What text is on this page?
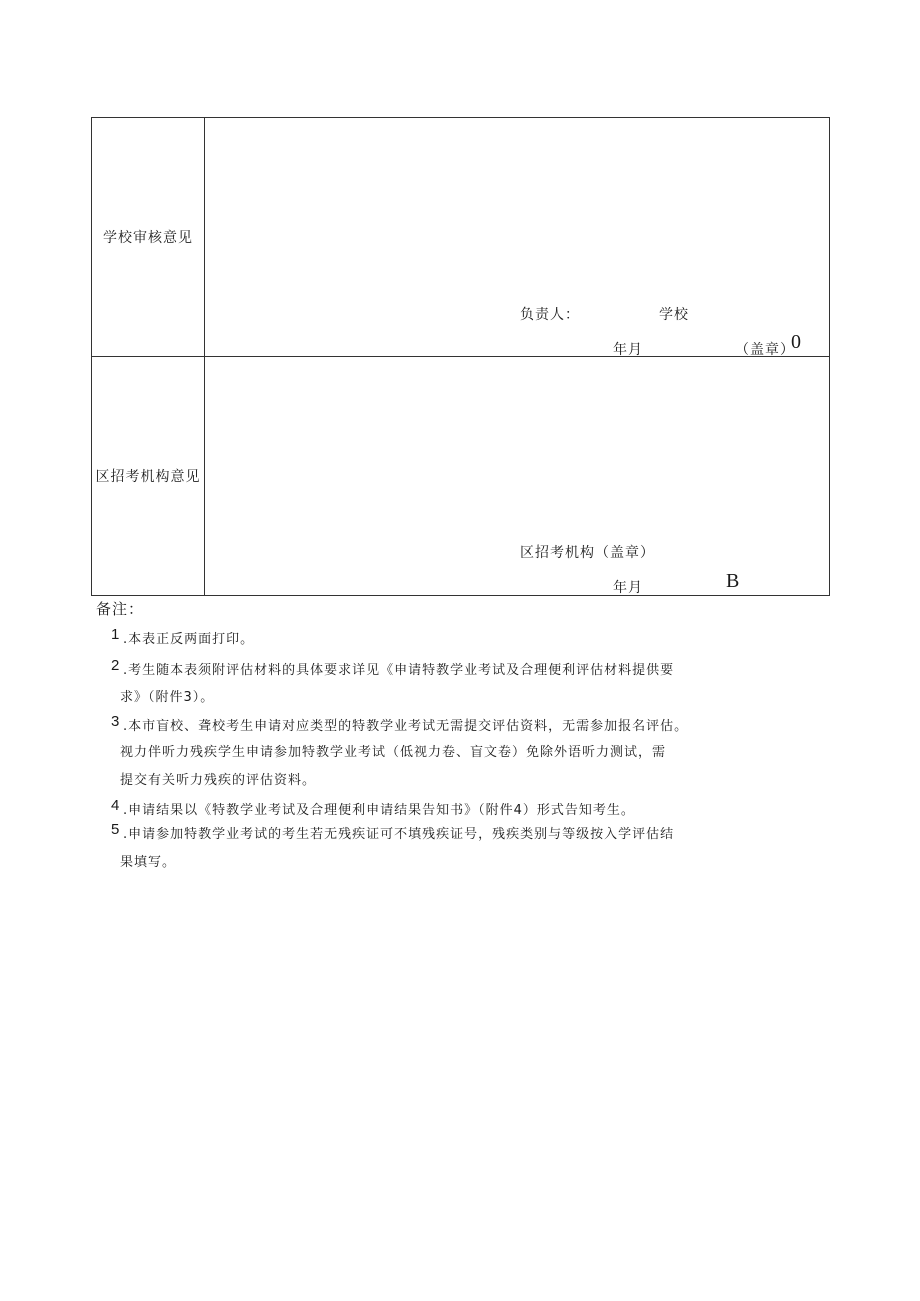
学校审核意见
负责人：	学校
年月	（盖章）
0
区招考机构意见
区招考机构（盖章）
年月	B
备注：
1 .本表正反两面打印。
2 .考生随本表须附评估材料的具体要求详见《申请特教学业考试及合理便利评估材料提供要
求》（附件3）。
3 .本市盲校、聋校考生申请对应类型的特教学业考试无需提交评估资料，无需参加报名评估。
视力伴听力残疾学生申请参加特教学业考试（低视力卷、盲文卷）免除外语听力测试，需
提交有关听力残疾的评估资料。
4 .申请结果以《特教学业考试及合理便利申请结果告知书》（附件4）形式告知考生。
5 .申请参加特教学业考试的考生若无残疾证可不填残疾证号，残疾类别与等级按入学评估结
果填写。
